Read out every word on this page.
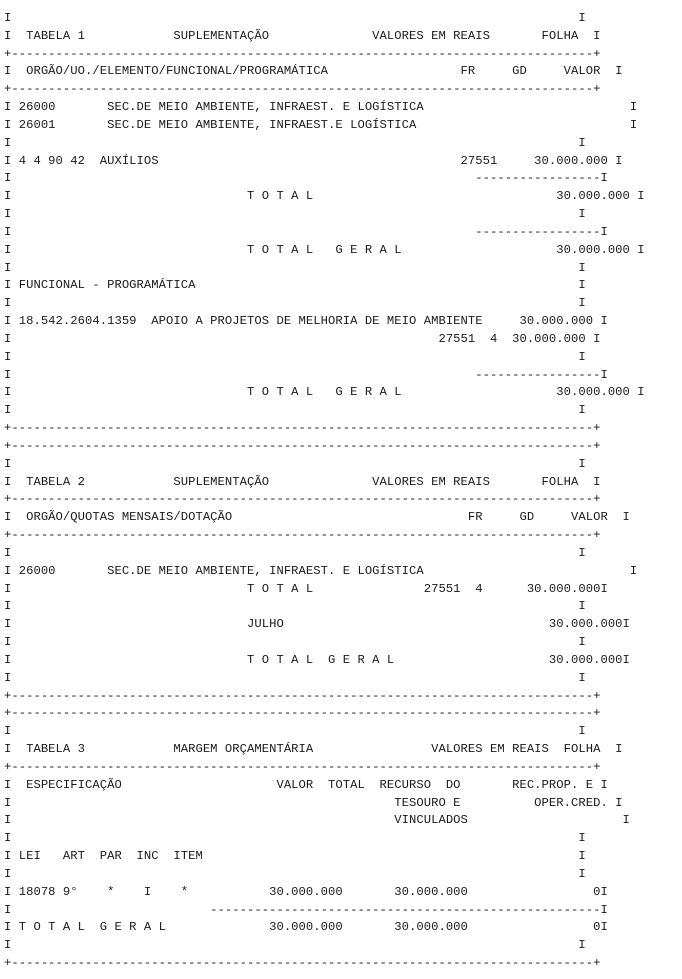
I                                                                             I
I  TABELA 1            SUPLEMENTAÇÃO              VALORES EM REAIS       FOLHA  I
+-------------------------------------------------------------------------------+
I  ORGÃO/UO./ELEMENTO/FUNCIONAL/PROGRAMÁTICA                  FR     GD     VALOR  I
+-------------------------------------------------------------------------------+
I 26000       SEC.DE MEIO AMBIENTE, INFRAEST. E LOGÍSTICA                            I
I 26001       SEC.DE MEIO AMBIENTE, INFRAEST.E LOGÍSTICA                             I
I                                                                             I
I 4 4 90 42  AUXÍLIOS                                         27551     30.000.000 I
I                                                               -----------------I
I                                T O T A L                                 30.000.000 I
I                                                                             I
I                                                               -----------------I
I                                T O T A L   G E R A L                     30.000.000 I
I                                                                             I
I FUNCIONAL - PROGRAMÁTICA                                                    I
I                                                                             I
I 18.542.2604.1359  APOIO A PROJETOS DE MELHORIA DE MEIO AMBIENTE     30.000.000 I
I                                                          27551  4  30.000.000 I
I                                                                             I
I                                                               -----------------I
I                                T O T A L   G E R A L                     30.000.000 I
I                                                                             I
+-------------------------------------------------------------------------------+
+-------------------------------------------------------------------------------+
I                                                                             I
I  TABELA 2            SUPLEMENTAÇÃO              VALORES EM REAIS       FOLHA  I
+-------------------------------------------------------------------------------+
I  ORGÃO/QUOTAS MENSAIS/DOTAÇÃO                                FR     GD     VALOR  I
+-------------------------------------------------------------------------------+
I                                                                             I
I 26000       SEC.DE MEIO AMBIENTE, INFRAEST. E LOGÍSTICA                            I
I                                T O T A L               27551  4      30.000.000I
I                                                                             I
I                                JULHO                                    30.000.000I
I                                                                             I
I                                T O T A L  G E R A L                     30.000.000I
I                                                                             I
+-------------------------------------------------------------------------------+
+-------------------------------------------------------------------------------+
I                                                                             I
I  TABELA 3            MARGEM ORÇAMENTÁRIA                VALORES EM REAIS  FOLHA  I
+-------------------------------------------------------------------------------+
I  ESPECIFICAÇÃO                     VALOR  TOTAL  RECURSO  DO       REC.PROP. E I
I                                                    TESOURO E          OPER.CRED. I
I                                                    VINCULADOS                     I
I                                                                             I
I LEI   ART  PAR  INC  ITEM                                                   I
I                                                                             I
I 18078 9°    *    I    *           30.000.000       30.000.000                 0I
I                           -----------------------------------------------------I
I T O T A L  G E R A L              30.000.000       30.000.000                 0I
I                                                                             I
+-------------------------------------------------------------------------------+
